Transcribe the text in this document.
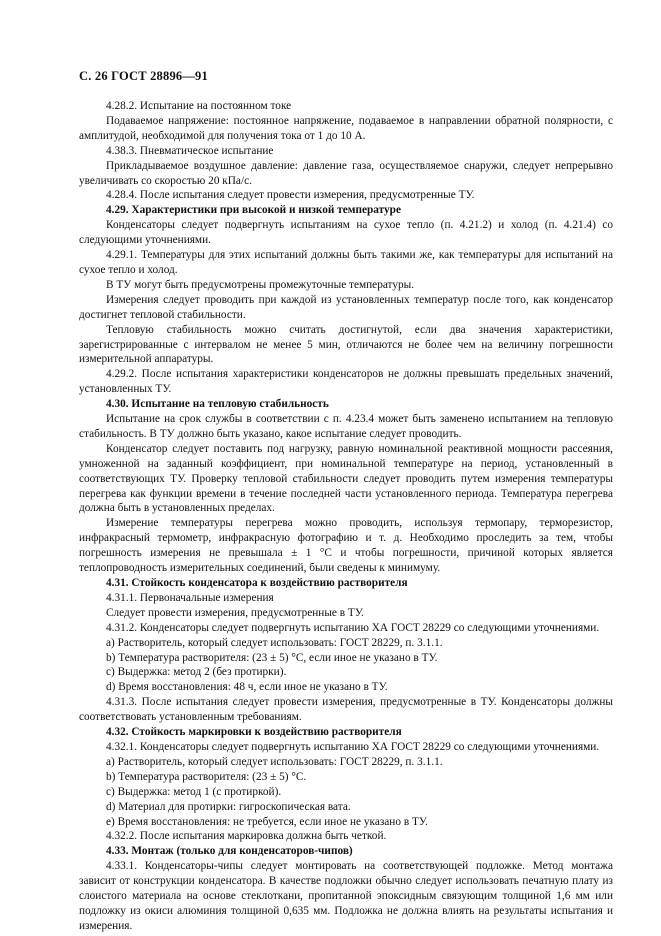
С. 26 ГОСТ 28896—91

4.28.2. Испытание на постоянном токе

Подаваемое напряжение: постоянное напряжение, подаваемое в направлении обратной полярности, с амплитудой, необходимой для получения тока от 1 до 10 А.

4.38.3. Пневматическое испытание

Прикладываемое воздушное давление: давление газа, осуществляемое снаружи, следует непрерывно увеличивать со скоростью 20 кПа/с.

4.28.4. После испытания следует провести измерения, предусмотренные ТУ.

4.29. Характеристики при высокой и низкой температуре

Конденсаторы следует подвергнуть испытаниям на сухое тепло (п. 4.21.2) и холод (п. 4.21.4) со следующими уточнениями.

4.29.1. Температуры для этих испытаний должны быть такими же, как температуры для испытаний на сухое тепло и холод.

В ТУ могут быть предусмотрены промежуточные температуры.

Измерения следует проводить при каждой из установленных температур после того, как конденсатор достигнет тепловой стабильности.

Тепловую стабильность можно считать достигнутой, если два значения характеристики, зарегистрированные с интервалом не менее 5 мин, отличаются не более чем на величину погрешности измерительной аппаратуры.

4.29.2. После испытания характеристики конденсаторов не должны превышать предельных значений, установленных ТУ.

4.30. Испытание на тепловую стабильность

Испытание на срок службы в соответствии с п. 4.23.4 может быть заменено испытанием на тепловую стабильность. В ТУ должно быть указано, какое испытание следует проводить.

Конденсатор следует поставить под нагрузку, равную номинальной реактивной мощности рассеяния, умноженной на заданный коэффициент, при номинальной температуре на период, установленный в соответствующих ТУ. Проверку тепловой стабильности следует проводить путем измерения температуры перегрева как функции времени в течение последней части установленного периода. Температура перегрева должна быть в установленных пределах.

Измерение температуры перегрева можно проводить, используя термопару, терморезистор, инфракрасный термометр, инфракрасную фотографию и т. д. Необходимо проследить за тем, чтобы погрешность измерения не превышала ± 1 °С и чтобы погрешности, причиной которых является теплопроводность измерительных соединений, были сведены к минимуму.

4.31. Стойкость конденсатора к воздействию растворителя

4.31.1. Первоначальные измерения

Следует провести измерения, предусмотренные в ТУ.

4.31.2. Конденсаторы следует подвергнуть испытанию ХА ГОСТ 28229 со следующими уточнениями.

а) Растворитель, который следует использовать: ГОСТ 28229, п. 3.1.1.

b) Температура растворителя: (23 ± 5) °С, если иное не указано в ТУ.

с) Выдержка: метод 2 (без протирки).

d) Время восстановления: 48 ч, если иное не указано в ТУ.

4.31.3. После испытания следует провести измерения, предусмотренные в ТУ. Конденсаторы должны соответствовать установленным требованиям.

4.32. Стойкость маркировки к воздействию растворителя

4.32.1. Конденсаторы следует подвергнуть испытанию ХА ГОСТ 28229 со следующими уточнениями.

а) Растворитель, который следует использовать: ГОСТ 28229, п. 3.1.1.

b) Температура растворителя: (23 ± 5) °С.

с) Выдержка: метод 1 (с протиркой).

d) Материал для протирки: гигроскопическая вата.

е) Время восстановления: не требуется, если иное не указано в ТУ.

4.32.2. После испытания маркировка должна быть четкой.

4.33. Монтаж (только для конденсаторов-чипов)

4.33.1. Конденсаторы-чипы следует монтировать на соответствующей подложке. Метод монтажа зависит от конструкции конденсатора. В качестве подложки обычно следует использовать печатную плату из слоистого материала на основе стеклоткани, пропитанной эпоксидным связующим толщиной 1,6 мм или подложку из окиси алюминия толщиной 0,635 мм. Подложка не должна влиять на результаты испытания и измерения.
